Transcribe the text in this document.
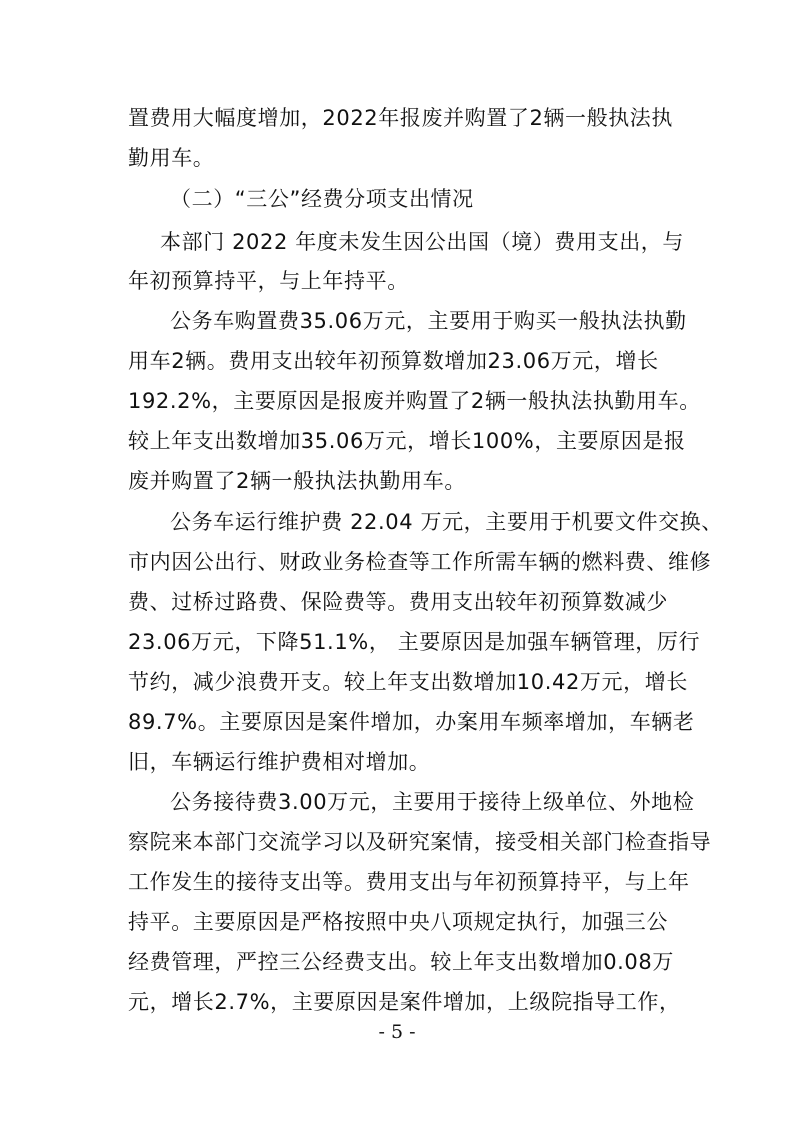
置费用大幅度增加，2022年报废并购置了2辆一般执法执
勤用车。
（二）“三公”经费分项支出情况
本部门 2022 年度未发生因公出国（境）费用支出，与
年初预算持平，与上年持平。
公务车购置费35.06万元，主要用于购买一般执法执勤
用车2辆。费用支出较年初预算数增加23.06万元，增长
192.2%，主要原因是报废并购置了2辆一般执法执勤用车。
较上年支出数增加35.06万元，增长100%，主要原因是报
废并购置了2辆一般执法执勤用车。
公务车运行维护费 22.04 万元，主要用于机要文件交换、
市内因公出行、财政业务检查等工作所需车辆的燃料费、维修
费、过桥过路费、保险费等。费用支出较年初预算数减少
23.06万元，下降51.1%， 主要原因是加强车辆管理，厉行
节约，减少浪费开支。较上年支出数增加10.42万元，增长
89.7%。主要原因是案件增加，办案用车频率增加，车辆老
旧，车辆运行维护费相对增加。
公务接待费3.00万元，主要用于接待上级单位、外地检
察院来本部门交流学习以及研究案情，接受相关部门检查指导
工作发生的接待支出等。费用支出与年初预算持平，与上年
持平。主要原因是严格按照中央八项规定执行，加强三公
经费管理，严控三公经费支出。较上年支出数增加0.08万
元，增长2.7%，主要原因是案件增加，上级院指导工作，
- 5 -
